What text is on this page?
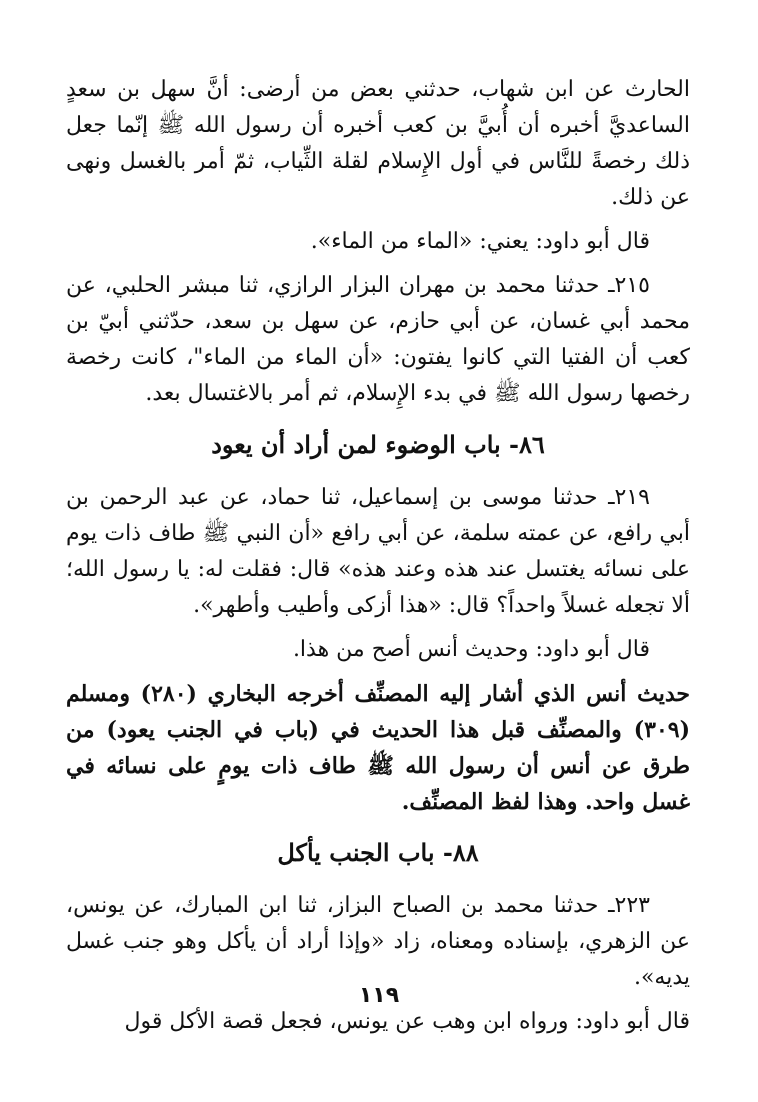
الحارث عن ابن شهاب، حدثني بعض من أرضى: أنَّ سهل بن سعدٍ الساعديَّ أخبره أن أُبيَّ بن كعب أخبره أن رسول الله ﷺ إنّما جعل ذلك رخصةً للنَّاس في أول الإِسلام لقلة الثِّياب، ثمّ أمر بالغسل ونهى عن ذلك.

قال أبو داود: يعني: «الماء من الماء».

٢١٥ـ حدثنا محمد بن مهران البزار الرازي، ثنا مبشر الحلبي، عن محمد أبي غسان، عن أبي حازم، عن سهل بن سعد، حدّثني أبيّ بن كعب أن الفتيا التي كانوا يفتون: «أن الماء من الماء"، كانت رخصة رخصها رسول الله ﷺ في بدء الإِسلام، ثم أمر بالاغتسال بعد.

٨٦- باب الوضوء لمن أراد أن يعود

٢١٩ـ حدثنا موسى بن إسماعيل، ثنا حماد، عن عبد الرحمن بن أبي رافع، عن عمته سلمة، عن أبي رافع «أن النبي ﷺ طاف ذات يوم على نسائه يغتسل عند هذه وعند هذه» قال: فقلت له: يا رسول الله؛ ألا تجعله غسلاً واحداً؟ قال: «هذا أزكى وأطيب وأطهر».

قال أبو داود: وحديث أنس أصح من هذا.

حديث أنس الذي أشار إليه المصنِّف أخرجه البخاري (٢٨٠) ومسلم (٣٠٩) والمصنِّف قبل هذا الحديث في (باب في الجنب يعود) من طرق عن أنس أن رسول الله ﷺ طاف ذات يومٍ على نسائه في غسل واحد. وهذا لفظ المصنِّف.

٨٨- باب الجنب يأكل

٢٢٣ـ حدثنا محمد بن الصباح البزاز، ثنا ابن المبارك، عن يونس، عن الزهري، بإسناده ومعناه، زاد «وإذا أراد أن يأكل وهو جنب غسل يديه».

قال أبو داود: ورواه ابن وهب عن يونس، فجعل قصة الأكل قول

١١٩
